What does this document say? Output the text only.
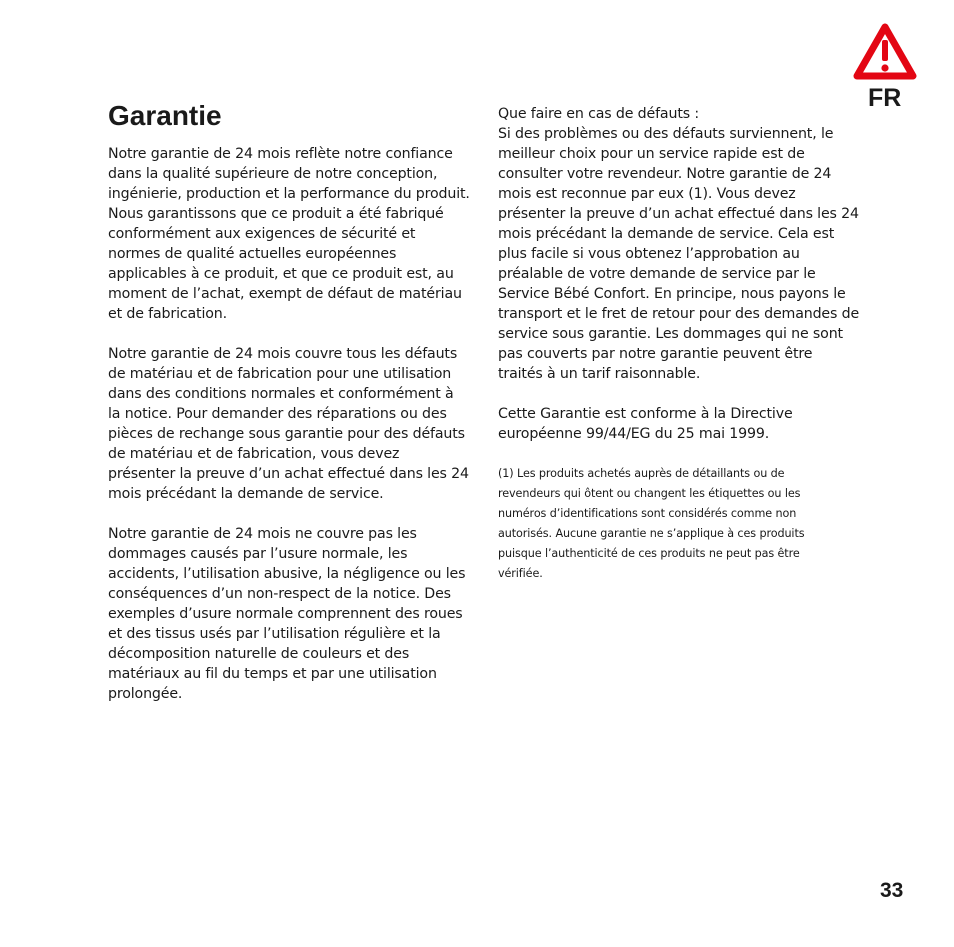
FR
Garantie

Notre garantie de 24 mois reflète notre confiance dans la qualité supérieure de notre conception, ingénierie, production et la performance du produit. Nous garantissons que ce produit a été fabriqué conformément aux exigences de sécurité et normes de qualité actuelles européennes applicables à ce produit, et que ce produit est, au moment de l’achat, exempt de défaut de matériau et de fabrication.

Notre garantie de 24 mois couvre tous les défauts de matériau et de fabrication pour une utilisation dans des conditions normales et conformément à la notice. Pour demander des réparations ou des pièces de rechange sous garantie pour des défauts de matériau et de fabrication, vous devez présenter la preuve d’un achat effectué dans les 24 mois précédant la demande de service.

Notre garantie de 24 mois ne couvre pas les dommages causés par l’usure normale, les accidents, l’utilisation abusive, la négligence ou les conséquences d’un non-respect de la notice. Des exemples d’usure normale comprennent des roues et des tissus usés par l’utilisation régulière et la décomposition naturelle de couleurs et des matériaux au fil du temps et par une utilisation prolongée.

Que faire en cas de défauts :
Si des problèmes ou des défauts surviennent, le meilleur choix pour un service rapide est de consulter votre revendeur. Notre garantie de 24 mois est reconnue par eux (1). Vous devez présenter la preuve d’un achat effectué dans les 24 mois précédant la demande de service. Cela est plus facile si vous obtenez l’approbation au préalable de votre demande de service par le Service Bébé Confort. En principe, nous payons le transport et le fret de retour pour des demandes de service sous garantie. Les dommages qui ne sont pas couverts par notre garantie peuvent être traités à un tarif raisonnable.

Cette Garantie est conforme à la Directive européenne 99/44/EG du 25 mai 1999.

(1) Les produits achetés auprès de détaillants ou de revendeurs qui ôtent ou changent les étiquettes ou les numéros d’identifications sont considérés comme non autorisés. Aucune garantie ne s’applique à ces produits puisque l’authenticité de ces produits ne peut pas être vérifiée.
33
